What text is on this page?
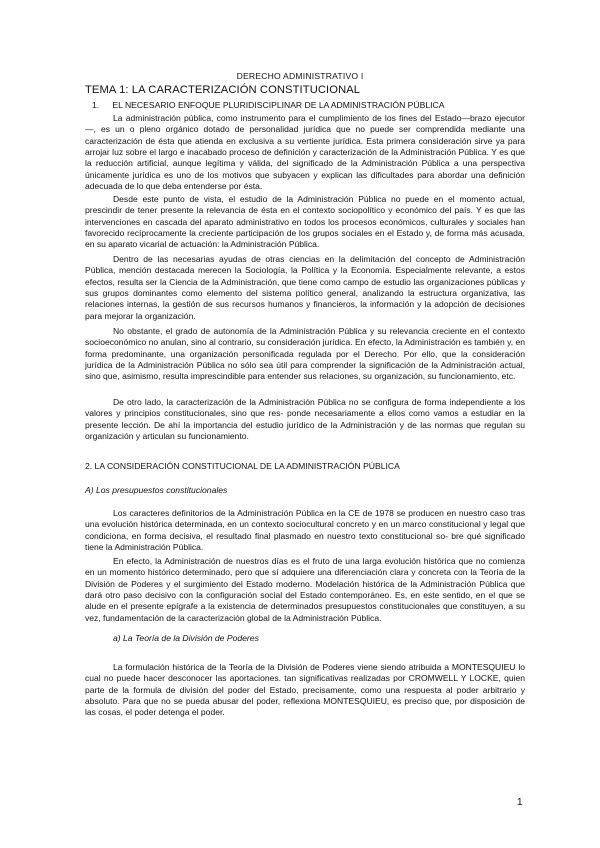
DERECHO ADMINISTRATIVO I
TEMA 1: LA CARACTERIZACIÓN CONSTITUCIONAL
1. EL NECESARIO ENFOQUE PLURIDISCIPLINAR DE LA ADMINISTRACIÓN PÚBLICA

La administración pública, como instrumento para el cumplimiento de los fines del Estado—brazo ejecutor—, es un o pleno orgánico dotado de personalidad jurídica que no puede ser comprendida mediante una caracterización de ésta que atienda en exclusiva a su vertiente jurídica. Esta primera consideración sirve ya para arrojar luz sobre el largo e inacabado proceso de definición y caracterización de la Administración Pública. Y es que la reducción artificial, aunque legítima y válida, del significado de la Administración Pública a una perspectiva únicamente jurídica es uno de los motivos que subyacen y explican las dificultades para abordar una definición adecuada de lo que deba entenderse por ésta.

Desde este punto de vista, el estudio de la Administración Pública no puede en el momento actual, prescindir de tener presente la relevancia de ésta en el contexto sociopolítico y económico del país. Y es que las intervenciones en cascada del aparato administrativo en todos los procesos económicos, culturales y sociales han favorecido recíprocamente la creciente participación de los grupos sociales en el Estado y, de forma más acusada, en su aparato vicarial de actuación: la Administración Pública.

Dentro de las necesarias ayudas de otras ciencias en la delimitación del concepto de Administración Pública, mención destacada merecen la Sociología, la Política y la Economía. Especialmente relevante, a estos efectos, resulta ser la Ciencia de la Administración, que tiene como campo de estudio las organizaciones públicas y sus grupos dominantes como elemento del sistema político general, analizando la estructura organizativa, las relaciones internas, la gestión de sus recursos humanos y financieros, la información y la adopción de decisiones para mejorar la organización.

No obstante, el grado de autonomía de la Administración Pública y su relevancia creciente en el contexto socioeconómico no anulan, sino al contrario, su consideración jurídica. En efecto, la Administración es también y, en forma predominante, una organización personificada regulada por el Derecho. Por ello, que la consideración jurídica de la Administración Pública no sólo sea útil para comprender la significación de la Administración actual, sino que, asimismo, resulta imprescindible para entender sus relaciones, su organización, su funcionamiento, etc.

De otro lado, la caracterización de la Administración Pública no se configura de forma independiente a los valores y principios constitucionales, sino que res- ponde necesariamente a ellos como vamos a estudiar en la presente lección. De ahí la importancia del estudio jurídico de la Administración y de las normas que regulan su organización y articulan su funcionamiento.

2. LA CONSIDERACIÓN CONSTITUCIONAL DE LA ADMINISTRACIÓN PÚBLICA
A) Los presupuestos constitucionales

Los caracteres definitorios de la Administración Pública en la CE de 1978 se producen en nuestro caso tras una evolución histórica determinada, en un contexto sociocultural concreto y en un marco constitucional y legal que condiciona, en forma decisiva, el resultado final plasmado en nuestro texto constitucional so- bre qué significado tiene la Administración Pública.

En efecto, la Administración de nuestros días es el fruto de una larga evolución histórica que no comienza en un momento histórico determinado, pero que sí adquiere una diferenciación clara y concreta con la Teoría de la División de Poderes y el surgimiento del Estado moderno. Modelación histórica de la Administración Pública que dará otro paso decisivo con la configuración social del Estado contemporáneo. Es, en este sentido, en el que se alude en el presente epígrafe a la existencia de determinados presupuestos constitucionales que constituyen, a su vez, fundamentación de la caracterización global de la Administración Pública.

a) La Teoría de la División de Poderes

La formulación histórica de la Teoría de la División de Poderes viene siendo atribuida a MONTESQUIEU lo cual no puede hacer desconocer las aportaciones. tan significativas realizadas por CROMWELL Y LOCKE, quien parte de la formula de división del poder del Estado, precisamente, como una respuesta al poder arbitrario y absoluto. Para que no se pueda abusar del poder, reflexiona MONTESQUIEU, es preciso que, por disposición de las cosas, el poder detenga el poder.

1
